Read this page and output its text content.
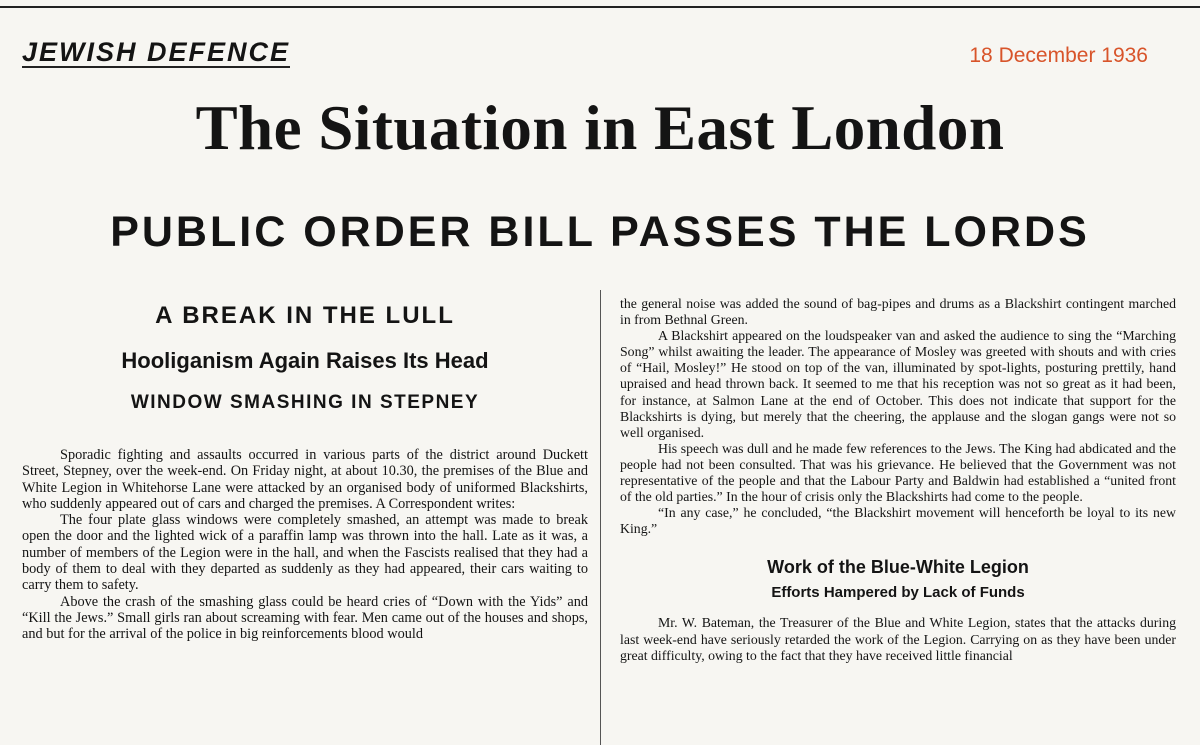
JEWISH DEFENCE	18 December 1936
The Situation in East London
PUBLIC ORDER BILL PASSES THE LORDS
A BREAK IN THE LULL
Hooliganism Again Raises Its Head
WINDOW SMASHING IN STEPNEY

Sporadic fighting and assaults occurred in various parts of the district around Duckett Street, Stepney, over the week-end. On Friday night, at about 10.30, the premises of the Blue and White Legion in Whitehorse Lane were attacked by an organised body of uniformed Blackshirts, who suddenly appeared out of cars and charged the premises. A Correspondent writes:

The four plate glass windows were completely smashed, an attempt was made to break open the door and the lighted wick of a paraffin lamp was thrown into the hall. Late as it was, a number of members of the Legion were in the hall, and when the Fascists realised that they had a body of them to deal with they departed as suddenly as they had appeared, their cars waiting to carry them to safety.

Above the crash of the smashing glass could be heard cries of “Down with the Yids” and “Kill the Jews.” Small girls ran about screaming with fear. Men came out of the houses and shops, and but for the arrival of the police in big reinforcements blood would

the general noise was added the sound of bag-pipes and drums as a Blackshirt contingent marched in from Bethnal Green.

A Blackshirt appeared on the loudspeaker van and asked the audience to sing the “Marching Song” whilst awaiting the leader. The appearance of Mosley was greeted with shouts and with cries of “Hail, Mosley!” He stood on top of the van, illuminated by spot-lights, posturing prettily, hand upraised and head thrown back. It seemed to me that his reception was not so great as it had been, for instance, at Salmon Lane at the end of October. This does not indicate that support for the Blackshirts is dying, but merely that the cheering, the applause and the slogan gangs were not so well organised.

His speech was dull and he made few references to the Jews. The King had abdicated and the people had not been consulted. That was his grievance. He believed that the Government was not representative of the people and that the Labour Party and Baldwin had established a “united front of the old parties.” In the hour of crisis only the Blackshirts had come to the people.

“In any case,” he concluded, “the Blackshirt movement will henceforth be loyal to its new King.”

Work of the Blue-White Legion
Efforts Hampered by Lack of Funds

Mr. W. Bateman, the Treasurer of the Blue and White Legion, states that the attacks during last week-end have seriously retarded the work of the Legion. Carrying on as they have been under great difficulty, owing to the fact that they have received little financial
